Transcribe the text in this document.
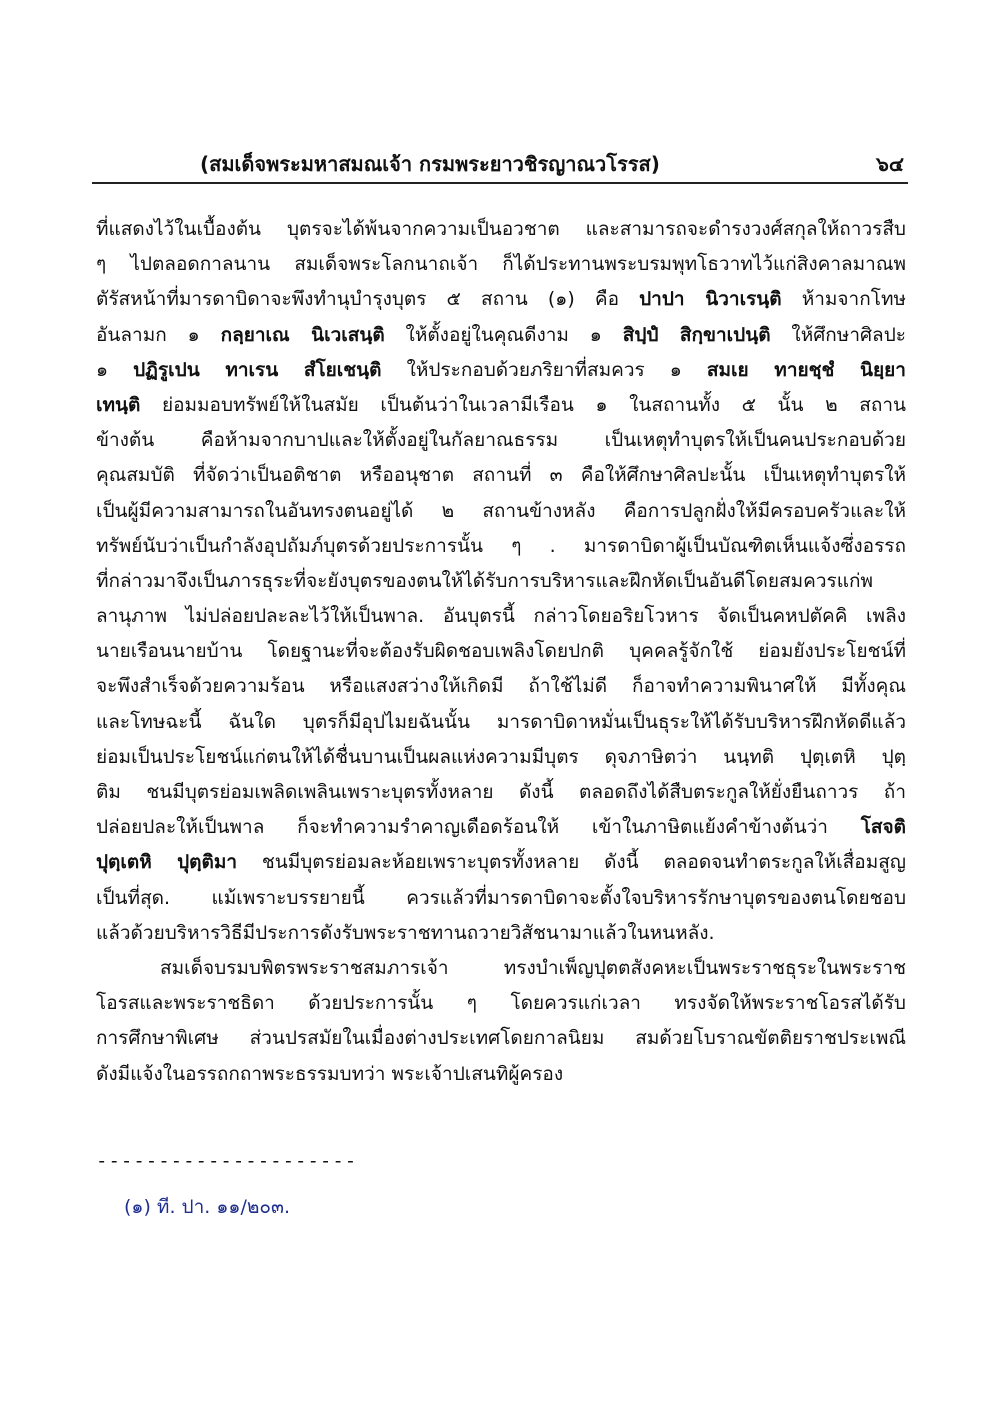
(สมเด็จพระมหาสมณเจ้า กรมพระยาวชิรญาณวโรรส)	๖๔
ที่แสดงไว้ในเบื้องต้น บุตรจะได้พ้นจากความเป็นอวชาต และสามารถจะดำรงวงศ์สกุลให้ถาวรสืบ
ๆ ไปตลอดกาลนาน สมเด็จพระโลกนาถเจ้า ก็ได้ประทานพระบรมพุทโธวาทไว้แก่สิงคาลมาณพ
ตัรัสหน้าที่มารดาบิดาจะพึงทำนุบำรุงบุตร ๕ สถาน (๑) คือ ปาปา นิวาเรนฺติ ห้ามจากโทษ
อันลามก ๑ กลฺยาเณ นิเวเสนฺติ ให้ตั้งอยู่ในคุณดีงาม ๑ สิปฺปํ สิกฺขาเปนฺติ ให้ศึกษาศิลปะ
๑ ปฏิรูเปน ทาเรน สํโยเชนฺติ ให้ประกอบด้วยภริยาที่สมควร ๑ สมเย ทายชฺชํ นิยฺยา
เทนฺติ ย่อมมอบทรัพย์ให้ในสมัย เป็นต้นว่าในเวลามีเรือน ๑ ในสถานทั้ง ๕ นั้น ๒ สถาน
ข้างต้น คือห้ามจากบาปและให้ตั้งอยู่ในกัลยาณธรรม เป็นเหตุทำบุตรให้เป็นคนประกอบด้วย
คุณสมบัติ ที่จัดว่าเป็นอติชาต หรืออนุชาต สถานที่ ๓ คือให้ศึกษาศิลปะนั้น เป็นเหตุทำบุตรให้
เป็นผู้มีความสามารถในอันทรงตนอยู่ได้ ๒ สถานข้างหลัง คือการปลูกฝั่งให้มีครอบครัวและให้
ทรัพย์นับว่าเป็นกำลังอุปถัมภ์บุตรด้วยประการนั้น ๆ . มารดาบิดาผู้เป็นบัณฑิตเห็นแจ้งซึ่งอรรถ
ที่กล่าวมาจึงเป็นภารธุระที่จะยังบุตรของตนให้ได้รับการบริหารและฝึกหัดเป็นอันดีโดยสมควรแก่พ
ลานุภาพ ไม่ปล่อยปละละไว้ให้เป็นพาล. อันบุตรนี้ กล่าวโดยอริยโวหาร จัดเป็นคหปตัคคิ เพลิง
นายเรือนนายบ้าน โดยฐานะที่จะต้องรับผิดชอบเพลิงโดยปกติ บุคคลรู้จักใช้ ย่อมยังประโยชน์ที่
จะพึงสำเร็จด้วยความร้อน หรือแสงสว่างให้เกิดมี ถ้าใช้ไม่ดี ก็อาจทำความพินาศให้ มีทั้งคุณ
และโทษฉะนี้ ฉันใด บุตรก็มีอุปไมยฉันนั้น มารดาบิดาหมั่นเป็นธุระให้ได้รับบริหารฝึกหัดดีแล้ว
ย่อมเป็นประโยชน์แก่ตนให้ได้ชื่นบานเป็นผลแห่งความมีบุตร ดุจภาษิตว่า นนฺทติ ปุตฺเตหิ ปุตฺ
ติม ชนมีบุตรย่อมเพลิดเพลินเพราะบุตรทั้งหลาย ดังนี้ ตลอดถึงได้สืบตระกูลให้ยั่งยืนถาวร ถ้า
ปล่อยปละให้เป็นพาล ก็จะทำความรำคาญเดือดร้อนให้ เข้าในภาษิตแย้งคำข้างต้นว่า โสจติ
ปุตฺเตหิ ปุตฺติมา ชนมีบุตรย่อมละห้อยเพราะบุตรทั้งหลาย ดังนี้ ตลอดจนทำตระกูลให้เสื่อมสูญ
เป็นที่สุด. แม้เพราะบรรยายนี้ ควรแล้วที่มารดาบิดาจะตั้งใจบริหารรักษาบุตรของตนโดยชอบ
แล้วด้วยบริหารวิธีมีประการดังรับพระราชทานถวายวิสัชนามาแล้วในหนหลัง.
สมเด็จบรมบพิตรพระราชสมภารเจ้า ทรงบำเพ็ญปุตตสังคหะเป็นพระราชธุระในพระราช
โอรสและพระราชธิดา ด้วยประการนั้น ๆ โดยควรแก่เวลา ทรงจัดให้พระราชโอรสได้รับ
การศึกษาพิเศษ ส่วนปรสมัยในเมื่องต่างประเทศโดยกาลนิยม สมด้วยโบราณขัตติยราชประเพณี
ดังมีแจ้งในอรรถกถาพระธรรมบทว่า พระเจ้าปเสนทิผู้ครอง
---------------------
(๑) ที. ปา. ๑๑/๒๐๓.
